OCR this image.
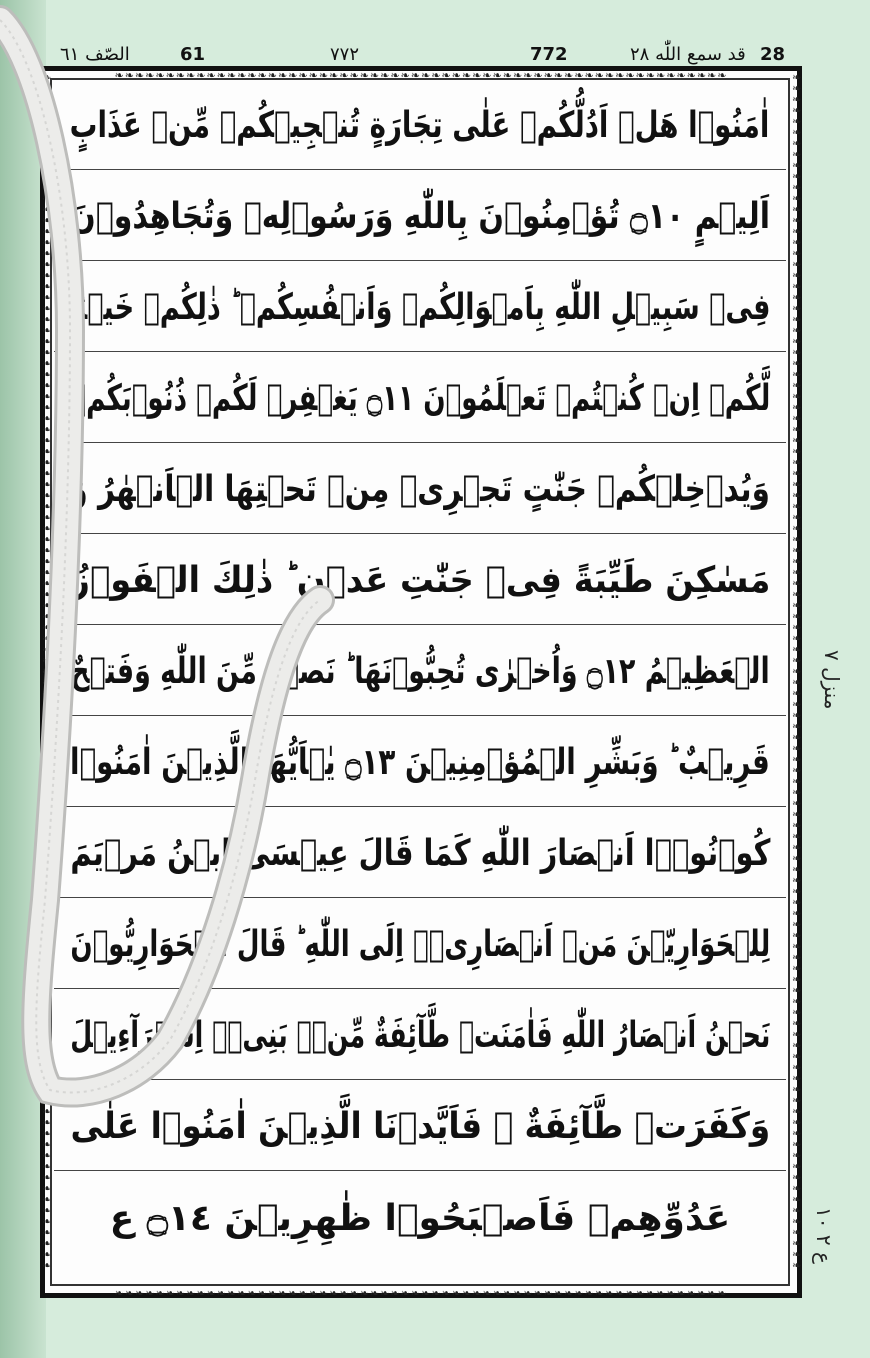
الصّف ٦١	61	۷۷۲	772	قد سمع اللّٰه ٢٨ 28
❧❧❧❧❧❧❧❧❧❧❧❧❧❧❧❧❧❧❧❧❧❧❧❧❧❧❧❧❧❧❧❧❧❧❧❧❧❧❧❧❧❧❧❧❧❧❧❧❧❧❧❧❧❧❧❧❧❧❧❧
❧❧❧❧❧❧❧❧❧❧❧❧❧❧❧❧❧❧❧❧❧❧❧❧❧❧❧❧❧❧❧❧❧❧❧❧❧❧❧❧❧❧❧❧❧❧❧❧❧❧❧❧❧❧❧❧❧❧❧❧
❧❧❧❧❧❧❧❧❧❧❧❧❧❧❧❧❧❧❧❧❧❧❧❧❧❧❧❧❧❧❧❧❧❧❧❧❧❧❧❧❧❧❧❧❧❧❧❧❧❧❧❧❧❧❧❧❧❧❧❧❧❧❧❧❧❧❧❧❧❧❧❧❧❧❧❧❧❧❧❧❧❧❧❧❧❧❧❧❧❧❧❧❧❧❧❧❧❧❧❧❧❧❧❧❧❧❧❧❧
❧❧❧❧❧❧❧❧❧❧❧❧❧❧❧❧❧❧❧❧❧❧❧❧❧❧❧❧❧❧❧❧❧❧❧❧❧❧❧❧❧❧❧❧❧❧❧❧❧❧❧❧❧❧❧❧❧❧❧❧❧❧❧❧❧❧❧❧❧❧❧❧❧❧❧❧❧❧❧❧❧❧❧❧❧❧❧❧❧❧❧❧❧❧❧❧❧❧❧❧❧❧❧❧❧❧❧❧❧
اٰمَنُوۡا هَلۡ اَدُلُّكُمۡ عَلٰى تِجَارَةٍ تُنۡجِيۡكُمۡ مِّنۡ عَذَابٍ
اَلِيۡمٍ ۝١٠ تُؤۡمِنُوۡنَ بِاللّٰهِ وَرَسُوۡلِهٖ وَتُجَاهِدُوۡنَ
فِىۡ سَبِيۡلِ اللّٰهِ بِاَمۡوَالِكُمۡ وَاَنۡفُسِكُمۡ ؕ ذٰلِكُمۡ خَيۡرٌ
لَّكُمۡ اِنۡ كُنۡتُمۡ تَعۡلَمُوۡنَ ۝١١ يَغۡفِرۡ لَكُمۡ ذُنُوۡبَكُمۡ
وَيُدۡخِلۡكُمۡ جَنّٰتٍ تَجۡرِىۡ مِنۡ تَحۡتِهَا الۡاَنۡهٰرُ وَ
مَسٰكِنَ طَيِّبَةً فِىۡ جَنّٰتِ عَدۡنٍ ؕ ذٰلِكَ الۡفَوۡزُ
الۡعَظِيۡمُ ۝١٢ وَاُخۡرٰى تُحِبُّوۡنَهَا ؕ نَصۡرٌ مِّنَ اللّٰهِ وَفَتۡحٌ
قَرِيۡبٌ ؕ وَبَشِّرِ الۡمُؤۡمِنِيۡنَ ۝١٣ يٰۤاَيُّهَا الَّذِيۡنَ اٰمَنُوۡا
كُوۡنُوۡۤا اَنۡصَارَ اللّٰهِ كَمَا قَالَ عِيۡسَى ابۡنُ مَرۡيَمَ
لِلۡحَوَارِيّٖنَ مَنۡ اَنۡصَارِىۡۤ اِلَى اللّٰهِ ؕ قَالَ الۡحَوَارِيُّوۡنَ
نَحۡنُ اَنۡصَارُ اللّٰهِ فَاٰمَنَتۡ طَّآئِفَةٌ مِّنۡۢ بَنِىۡۤ اِسۡرَآءِيۡلَ
وَكَفَرَتۡ طَّآئِفَةٌ ۚ فَاَيَّدۡنَا الَّذِيۡنَ اٰمَنُوۡا عَلٰى
عَدُوِّهِمۡ فَاَصۡبَحُوۡا ظٰهِرِيۡنَ ۝١٤ ع
منزل ۷
ع ۲ ۱۰
